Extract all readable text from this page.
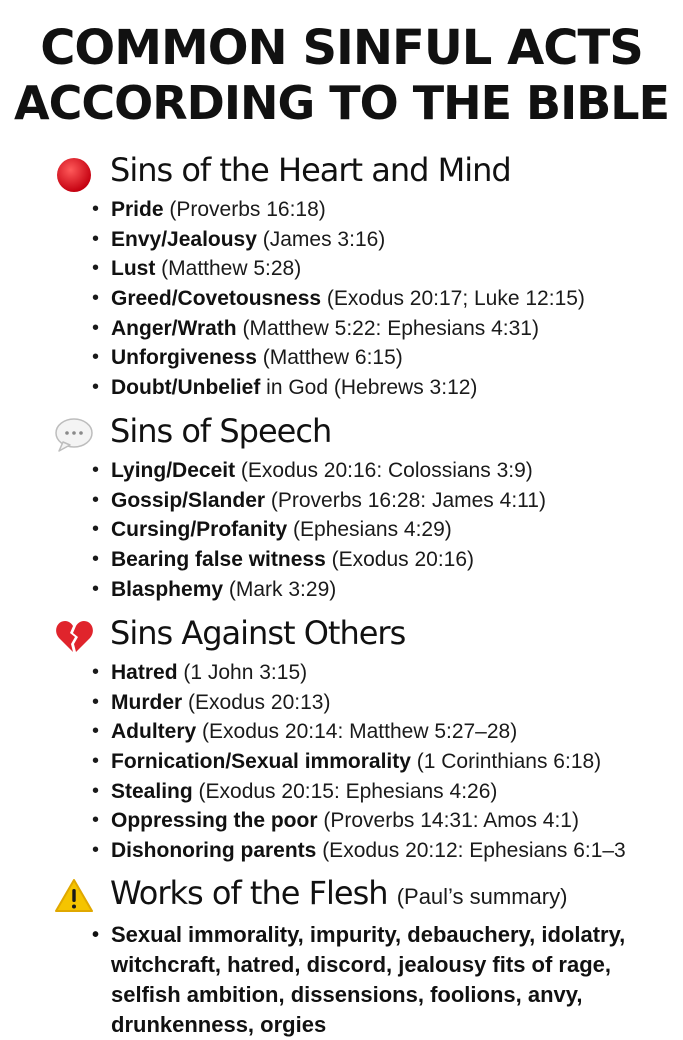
COMMON SINFUL ACTS
ACCORDING TO THE BIBLE
Sins of the Heart and Mind
• Pride (Proverbs 16:18)
• Envy/Jealousy (James 3:16)
• Lust (Matthew 5:28)
• Greed/Covetousness (Exodus 20:17; Luke 12:15)
• Anger/Wrath (Matthew 5:22: Ephesians 4:31)
• Unforgiveness (Matthew 6:15)
• Doubt/Unbelief in God (Hebrews 3:12)
Sins of Speech
• Lying/Deceit (Exodus 20:16: Colossians 3:9)
• Gossip/Slander (Proverbs 16:28: James 4:11)
• Cursing/Profanity (Ephesians 4:29)
• Bearing false witness (Exodus 20:16)
• Blasphemy (Mark 3:29)
Sins Against Others
• Hatred (1 John 3:15)
• Murder (Exodus 20:13)
• Adultery (Exodus 20:14: Matthew 5:27–28)
• Fornication/Sexual immorality (1 Corinthians 6:18)
• Stealing (Exodus 20:15: Ephesians 4:26)
• Oppressing the poor (Proverbs 14:31: Amos 4:1)
• Dishonoring parents (Exodus 20:12: Ephesians 6:1–3
Works of the Flesh (Paul’s summary)
• Sexual immorality, impurity, debauchery, idolatry, witchcraft, hatred, discord, jealousy fits of rage, selfish ambition, dissensions, foolions, anvy, drunkenness, orgies
